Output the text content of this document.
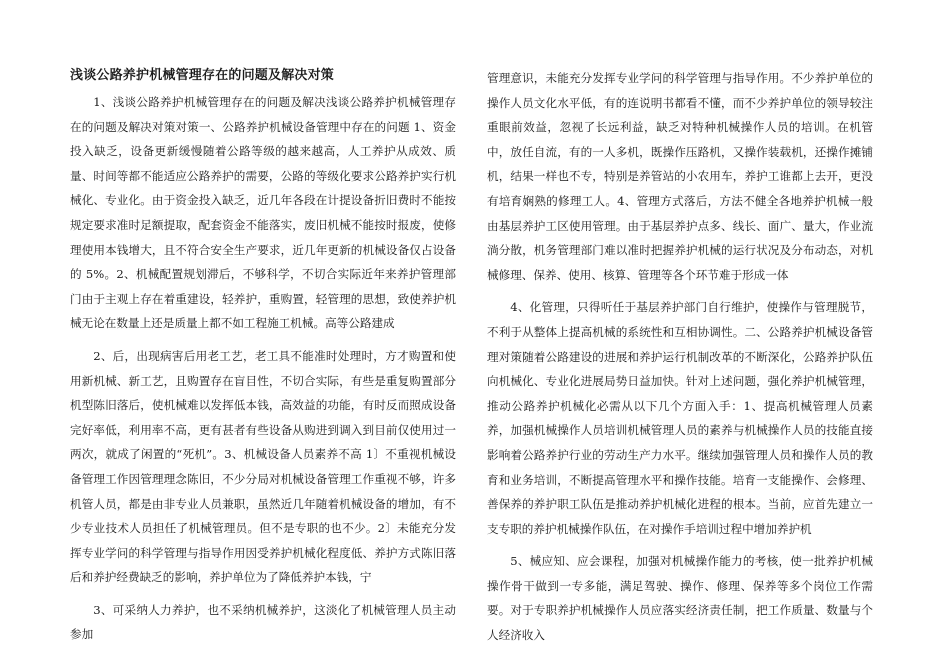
浅谈公路养护机械管理存在的问题及解决对策

1、浅谈公路养护机械管理存在的问题及解决浅谈公路养护机械管理存在的问题及解决对策对策一、公路养护机械设备管理中存在的问题 1、资金投入缺乏，设备更新缓慢随着公路等级的越来越高，人工养护从成效、质量、时间等都不能适应公路养护的需要，公路的等级化要求公路养护实行机械化、专业化。由于资金投入缺乏，近几年各段在计提设备折旧费时不能按规定要求准时足额提取，配套资金不能落实，废旧机械不能按时报废，使修理使用本钱增大，且不符合安全生产要求，近几年更新的机械设备仅占设备的 5%。2、机械配置规划滞后，不够科学，不切合实际近年来养护管理部门由于主观上存在着重建设，轻养护，重购置，轻管理的思想，致使养护机械无论在数量上还是质量上都不如工程施工机械。高等公路建成

2、后，出现病害后用老工艺，老工具不能准时处理时，方才购置和使用新机械、新工艺，且购置存在盲目性，不切合实际，有些是重复购置部分机型陈旧落后，使机械难以发挥低本钱，高效益的功能，有时反而照成设备完好率低，利用率不高，更有甚者有些设备从购进到调入到目前仅使用过一两次，就成了闲置的“死机”。3、机械设备人员素养不高 1〕不重视机械设备管理工作因管理理念陈旧，不少分局对机械设备管理工作重视不够，许多机管人员，都是由非专业人员兼职，虽然近几年随着机械设备的增加，有不少专业技术人员担任了机械管理员。但不是专职的也不少。2〕未能充分发挥专业学问的科学管理与指导作用因受养护机械化程度低、养护方式陈旧落后和养护经费缺乏的影响，养护单位为了降低养护本钱，宁

3、可采纳人力养护，也不采纳机械养护，这淡化了机械管理人员主动参加

管理意识，未能充分发挥专业学问的科学管理与指导作用。不少养护单位的操作人员文化水平低，有的连说明书都看不懂，而不少养护单位的领导较注重眼前效益，忽视了长远利益，缺乏对特种机械操作人员的培训。在机管中，放任自流，有的一人多机，既操作压路机，又操作装载机，还操作摊铺机，结果一样也不专，特别是养管站的小农用车，养护工谁都上去开，更没有培育娴熟的修理工人。4、管理方式落后，方法不健全各地养护机械一般由基层养护工区使用管理。由于基层养护点多、线长、面广、量大，作业流淌分散，机务管理部门难以准时把握养护机械的运行状况及分布动态，对机械修理、保养、使用、核算、管理等各个环节难于形成一体

4、化管理，只得听任于基层养护部门自行维护，使操作与管理脱节，不利于从整体上提高机械的系统性和互相协调性。二、公路养护机械设备管理对策随着公路建设的进展和养护运行机制改革的不断深化，公路养护队伍向机械化、专业化进展局势日益加快。针对上述问题，强化养护机械管理，推动公路养护机械化必需从以下几个方面入手：1、提高机械管理人员素养，加强机械操作人员培训机械管理人员的素养与机械操作人员的技能直接影响着公路养护行业的劳动生产力水平。继续加强管理人员和操作人员的教育和业务培训，不断提高管理水平和操作技能。培育一支能操作、会修理、善保养的养护职工队伍是推动养护机械化进程的根本。当前，应首先建立一支专职的养护机械操作队伍，在对操作手培训过程中增加养护机

5、械应知、应会课程，加强对机械操作能力的考核，使一批养护机械操作骨干做到一专多能，满足驾驶、操作、修理、保养等多个岗位工作需要。对于专职养护机械操作人员应落实经济责任制，把工作质量、数量与个人经济收入
